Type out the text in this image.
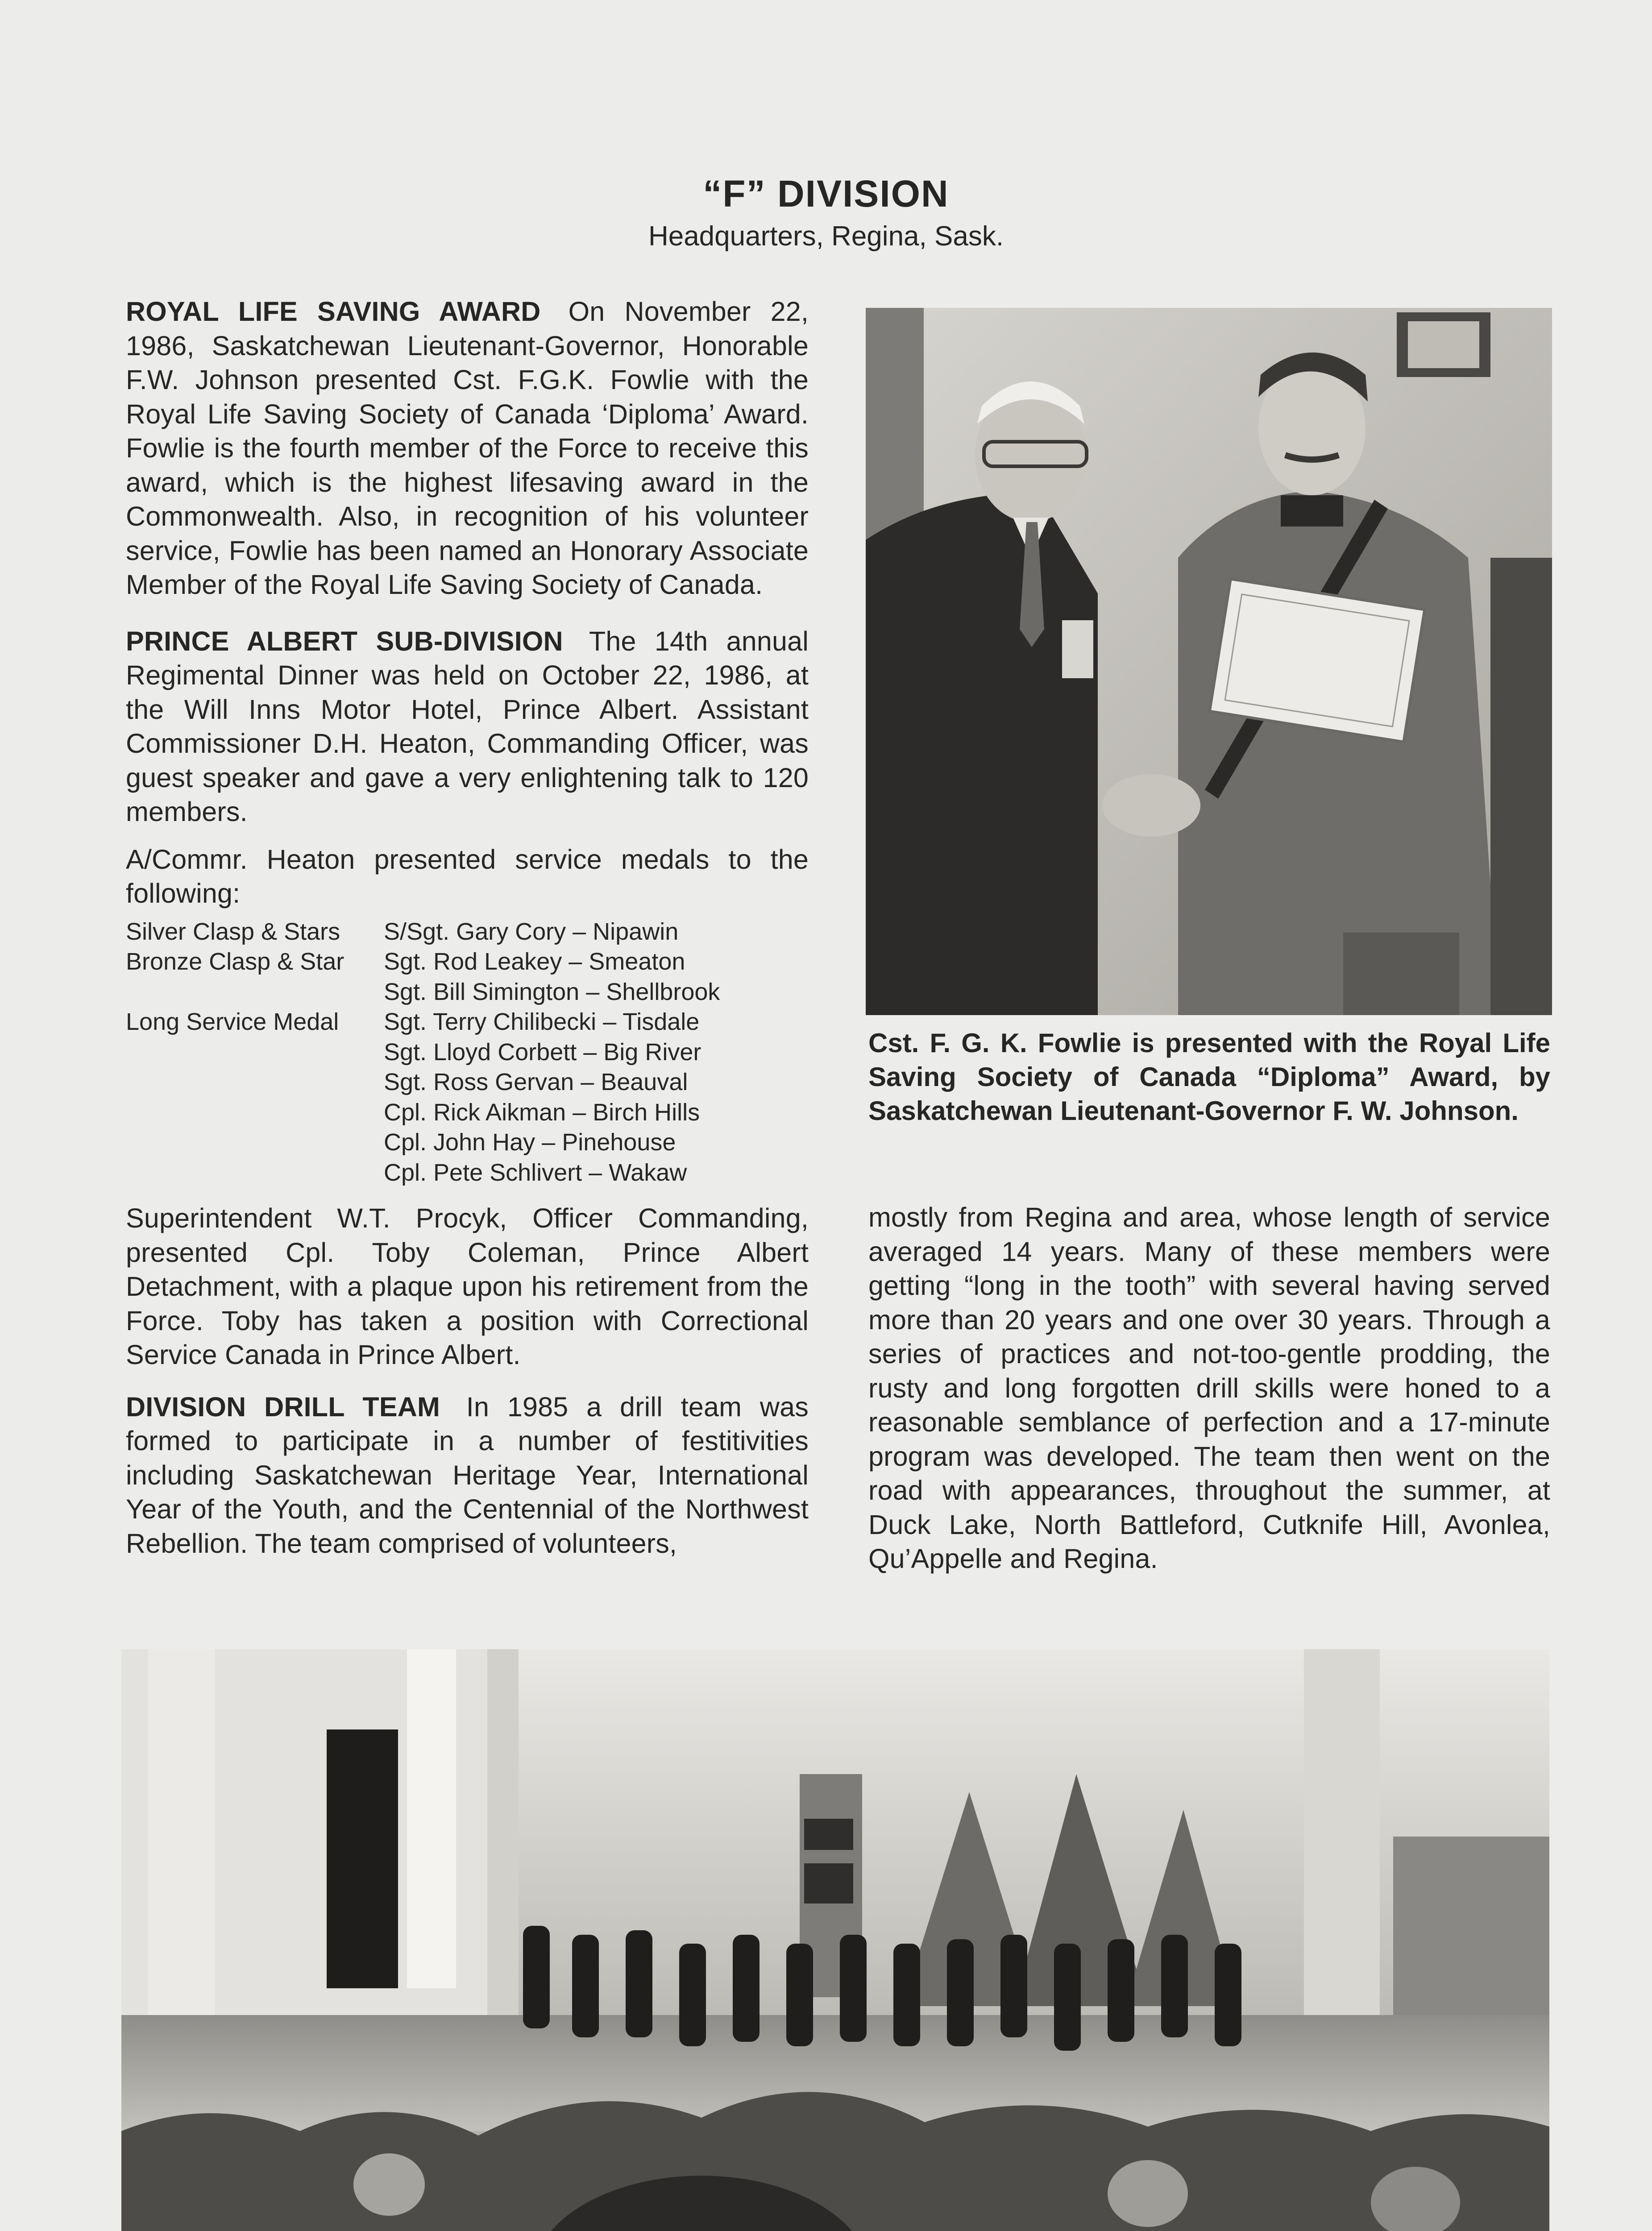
“F” DIVISION
Headquarters, Regina, Sask.

ROYAL LIFE SAVING AWARD On November 22, 1986, Saskatchewan Lieutenant-Governor, Honorable F.W. Johnson presented Cst. F.G.K. Fowlie with the Royal Life Saving Society of Canada ‘Diploma’ Award. Fowlie is the fourth member of the Force to receive this award, which is the highest lifesaving award in the Commonwealth. Also, in recognition of his volunteer service, Fowlie has been named an Honorary Associate Member of the Royal Life Saving Society of Canada.

PRINCE ALBERT SUB-DIVISION The 14th annual Regimental Dinner was held on October 22, 1986, at the Will Inns Motor Hotel, Prince Albert. Assistant Commissioner D.H. Heaton, Commanding Officer, was guest speaker and gave a very enlightening talk to 120 members.

A/Commr. Heaton presented service medals to the following:

Silver Clasp & Stars	S/Sgt. Gary Cory – Nipawin
Bronze Clasp & Star	Sgt. Rod Leakey – Smeaton
Sgt. Bill Simington – Shellbrook
Long Service Medal	Sgt. Terry Chilibecki – Tisdale
Sgt. Lloyd Corbett – Big River
Sgt. Ross Gervan – Beauval
Cpl. Rick Aikman – Birch Hills
Cpl. John Hay – Pinehouse
Cpl. Pete Schlivert – Wakaw

Superintendent W.T. Procyk, Officer Commanding, presented Cpl. Toby Coleman, Prince Albert Detachment, with a plaque upon his retirement from the Force. Toby has taken a position with Correctional Service Canada in Prince Albert.

DIVISION DRILL TEAM In 1985 a drill team was formed to participate in a number of festitivities including Saskatchewan Heritage Year, International Year of the Youth, and the Centennial of the Northwest Rebellion. The team comprised of volunteers,

Cst. F. G. K. Fowlie is presented with the Royal Life Saving Society of Canada “Diploma” Award, by Saskatchewan Lieutenant-Governor F. W. Johnson.

mostly from Regina and area, whose length of service averaged 14 years. Many of these members were getting “long in the tooth” with several having served more than 20 years and one over 30 years. Through a series of practices and not-too-gentle prodding, the rusty and long forgotten drill skills were honed to a reasonable semblance of perfection and a 17-minute program was developed. The team then went on the road with appearances, throughout the summer, at Duck Lake, North Battleford, Cutknife Hill, Avonlea, Qu’Appelle and Regina.
